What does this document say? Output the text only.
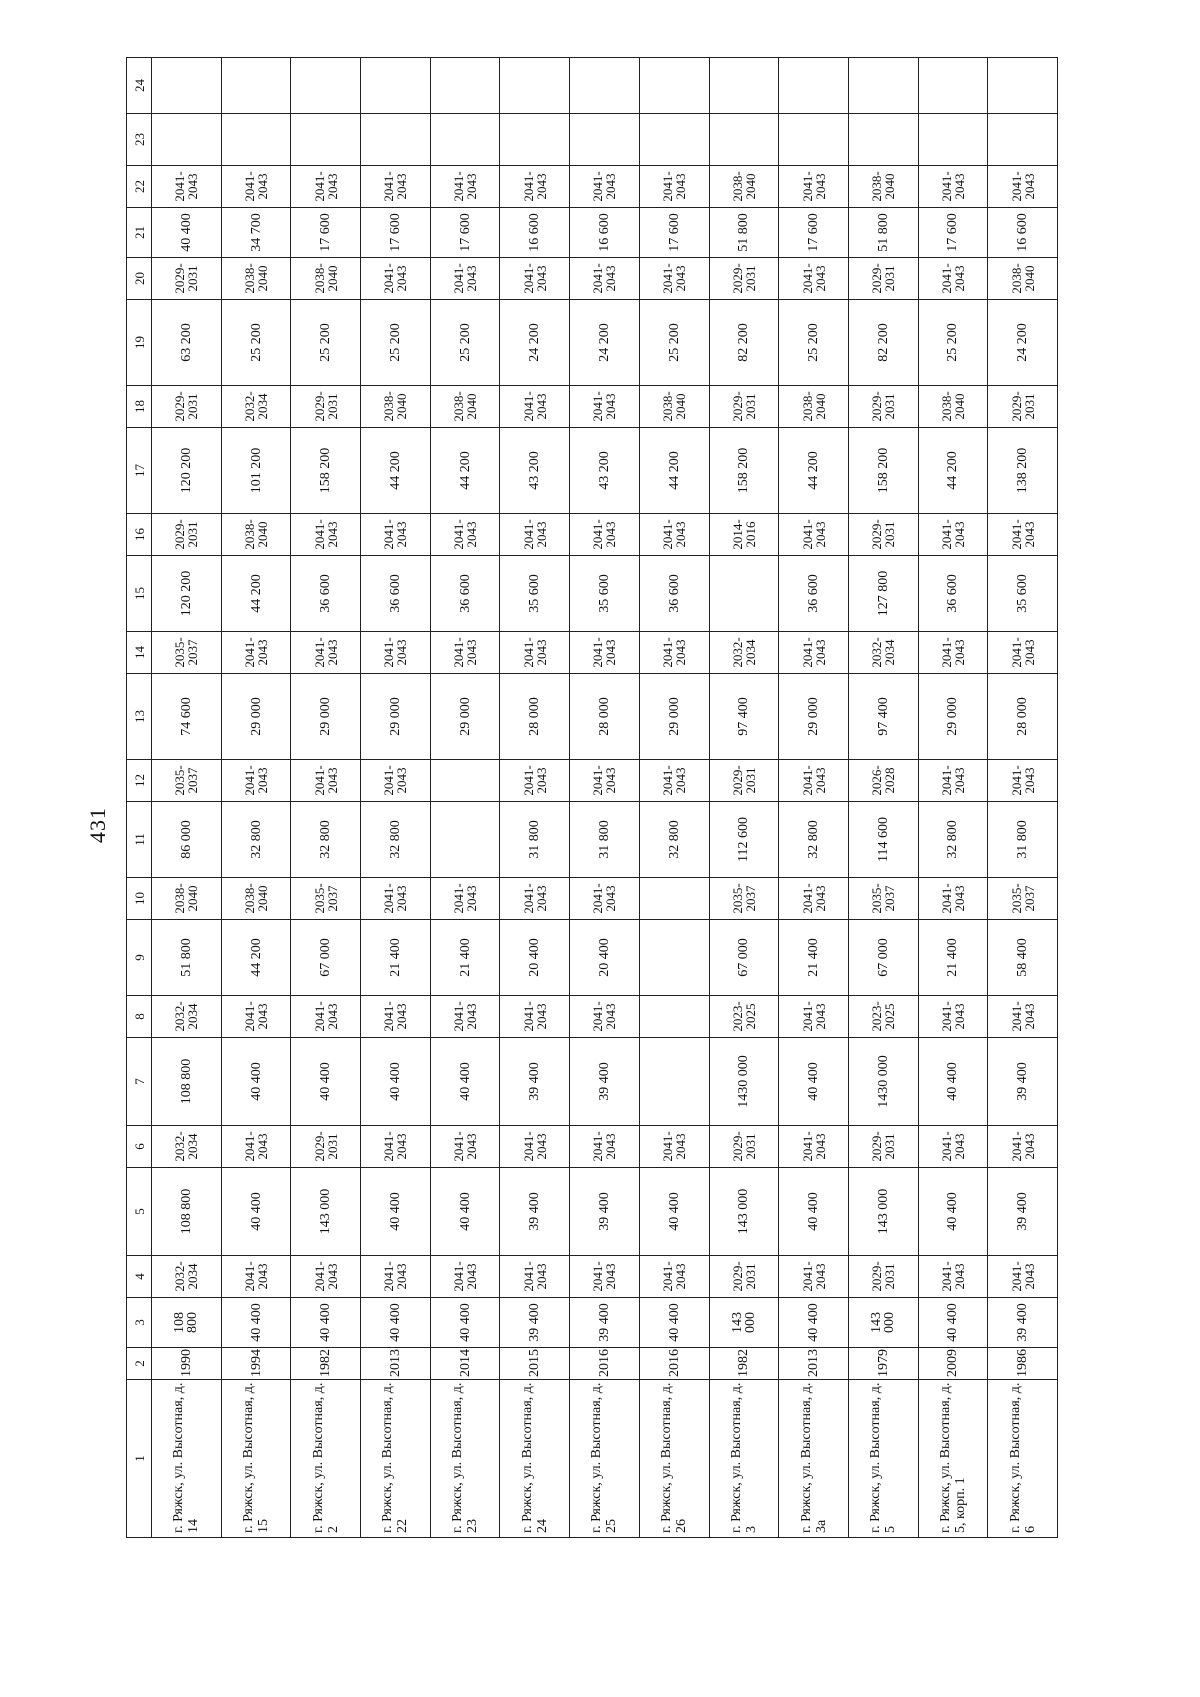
431
1	2	3	4	5	6	7	8	9	10	11	12	13	14	15	16	17	18	19	20	21	22	23	24
г. Ряжск, ул. Высотная, д. 14	1990	108 800	2032-2034	108 800	2032-2034	108 800	2032-2034	51 800	2038-2040	86 000	2035-2037	74 600	2035-2037	120 200	2029-2031	120 200	2029-2031	63 200	2029-2031	40 400	2041-2043		
г. Ряжск, ул. Высотная, д. 15	1994	40 400	2041-2043	40 400	2041-2043	40 400	2041-2043	44 200	2038-2040	32 800	2041-2043	29 000	2041-2043	44 200	2038-2040	101 200	2032-2034	25 200	2038-2040	34 700	2041-2043		
г. Ряжск, ул. Высотная, д. 2	1982	40 400	2041-2043	143 000	2029-2031	40 400	2041-2043	67 000	2035-2037	32 800	2041-2043	29 000	2041-2043	36 600	2041-2043	158 200	2029-2031	25 200	2038-2040	17 600	2041-2043		
г. Ряжск, ул. Высотная, д. 22	2013	40 400	2041-2043	40 400	2041-2043	40 400	2041-2043	21 400	2041-2043	32 800	2041-2043	29 000	2041-2043	36 600	2041-2043	44 200	2038-2040	25 200	2041-2043	17 600	2041-2043		
г. Ряжск, ул. Высотная, д. 23	2014	40 400	2041-2043	40 400	2041-2043	40 400	2041-2043	21 400	2041-2043			29 000	2041-2043	36 600	2041-2043	44 200	2038-2040	25 200	2041-2043	17 600	2041-2043		
г. Ряжск, ул. Высотная, д. 24	2015	39 400	2041-2043	39 400	2041-2043	39 400	2041-2043	20 400	2041-2043	31 800	2041-2043	28 000	2041-2043	35 600	2041-2043	43 200	2041-2043	24 200	2041-2043	16 600	2041-2043		
г. Ряжск, ул. Высотная, д. 25	2016	39 400	2041-2043	39 400	2041-2043	39 400	2041-2043	20 400	2041-2043	31 800	2041-2043	28 000	2041-2043	35 600	2041-2043	43 200	2041-2043	24 200	2041-2043	16 600	2041-2043		
г. Ряжск, ул. Высотная, д. 26	2016	40 400	2041-2043	40 400	2041-2043					32 800	2041-2043	29 000	2041-2043	36 600	2041-2043	44 200	2038-2040	25 200	2041-2043	17 600	2041-2043		
г. Ряжск, ул. Высотная, д. 3	1982	143 000	2029-2031	143 000	2029-2031	1430 000	2023-2025	67 000	2035-2037	112 600	2029-2031	97 400	2032-2034		2014-2016	158 200	2029-2031	82 200	2029-2031	51 800	2038-2040		
г. Ряжск, ул. Высотная, д. 3а	2013	40 400	2041-2043	40 400	2041-2043	40 400	2041-2043	21 400	2041-2043	32 800	2041-2043	29 000	2041-2043	36 600	2041-2043	44 200	2038-2040	25 200	2041-2043	17 600	2041-2043		
г. Ряжск, ул. Высотная, д. 5	1979	143 000	2029-2031	143 000	2029-2031	1430 000	2023-2025	67 000	2035-2037	114 600	2026-2028	97 400	2032-2034	127 800	2029-2031	158 200	2029-2031	82 200	2029-2031	51 800	2038-2040		
г. Ряжск, ул. Высотная, д. 5, корп. 1	2009	40 400	2041-2043	40 400	2041-2043	40 400	2041-2043	21 400	2041-2043	32 800	2041-2043	29 000	2041-2043	36 600	2041-2043	44 200	2038-2040	25 200	2041-2043	17 600	2041-2043		
г. Ряжск, ул. Высотная, д. 6	1986	39 400	2041-2043	39 400	2041-2043	39 400	2041-2043	58 400	2035-2037	31 800	2041-2043	28 000	2041-2043	35 600	2041-2043	138 200	2029-2031	24 200	2038-2040	16 600	2041-2043		
